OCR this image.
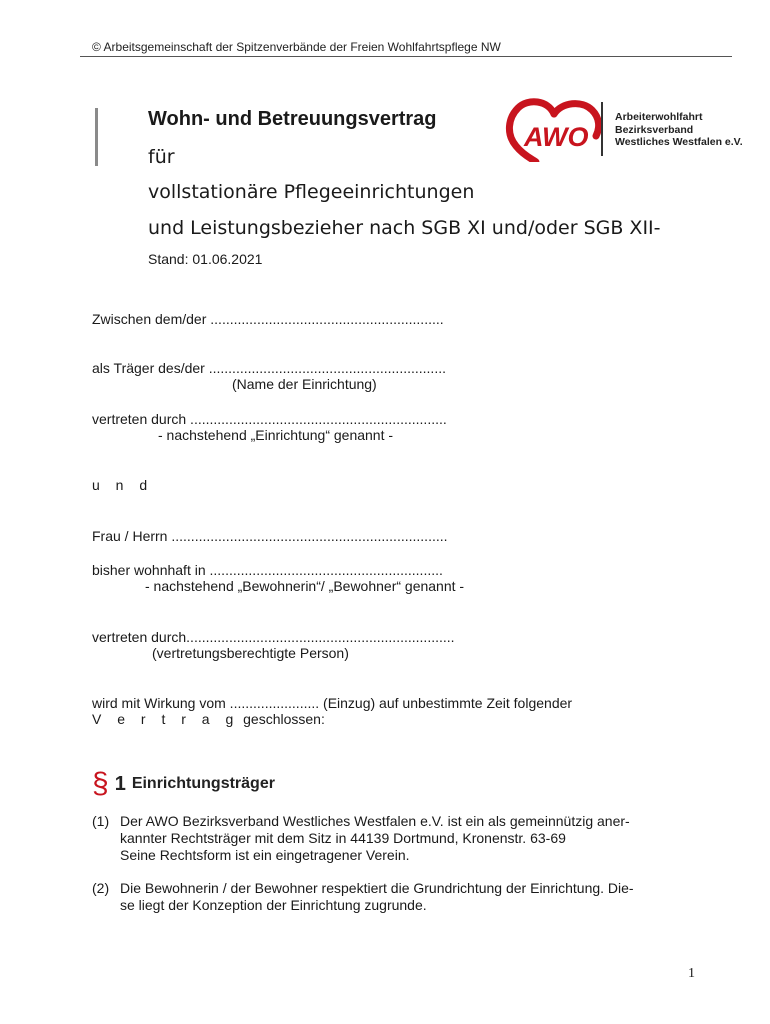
© Arbeitsgemeinschaft der Spitzenverbände der Freien Wohlfahrtspflege NW
Wohn- und Betreuungsvertrag
für
vollstationäre Pflegeeinrichtungen
und Leistungsbezieher nach SGB XI und/oder SGB XII-
Stand: 01.06.2021
AWO
Arbeiterwohlfahrt
Bezirksverband
Westliches Westfalen e.V.
Zwischen dem/der ............................................................
als Träger des/der .............................................................
(Name der Einrichtung)
vertreten durch ..................................................................
- nachstehend „Einrichtung“ genannt -
u n d
Frau / Herrn .......................................................................
bisher wohnhaft in ............................................................
- nachstehend „Bewohnerin“/ „Bewohner“ genannt -
vertreten durch.....................................................................
(vertretungsberechtigte Person)
wird mit Wirkung vom ....................... (Einzug) auf unbestimmte Zeit folgender
V e r t r a g geschlossen:
§ 1 Einrichtungsträger
(1) Der AWO Bezirksverband Westliches Westfalen e.V. ist ein als gemeinnützig aner-
kannter Rechtsträger mit dem Sitz in 44139 Dortmund, Kronenstr. 63-69
Seine Rechtsform ist ein eingetragener Verein.
(2) Die Bewohnerin / der Bewohner respektiert die Grundrichtung der Einrichtung. Die-
se liegt der Konzeption der Einrichtung zugrunde.
1
